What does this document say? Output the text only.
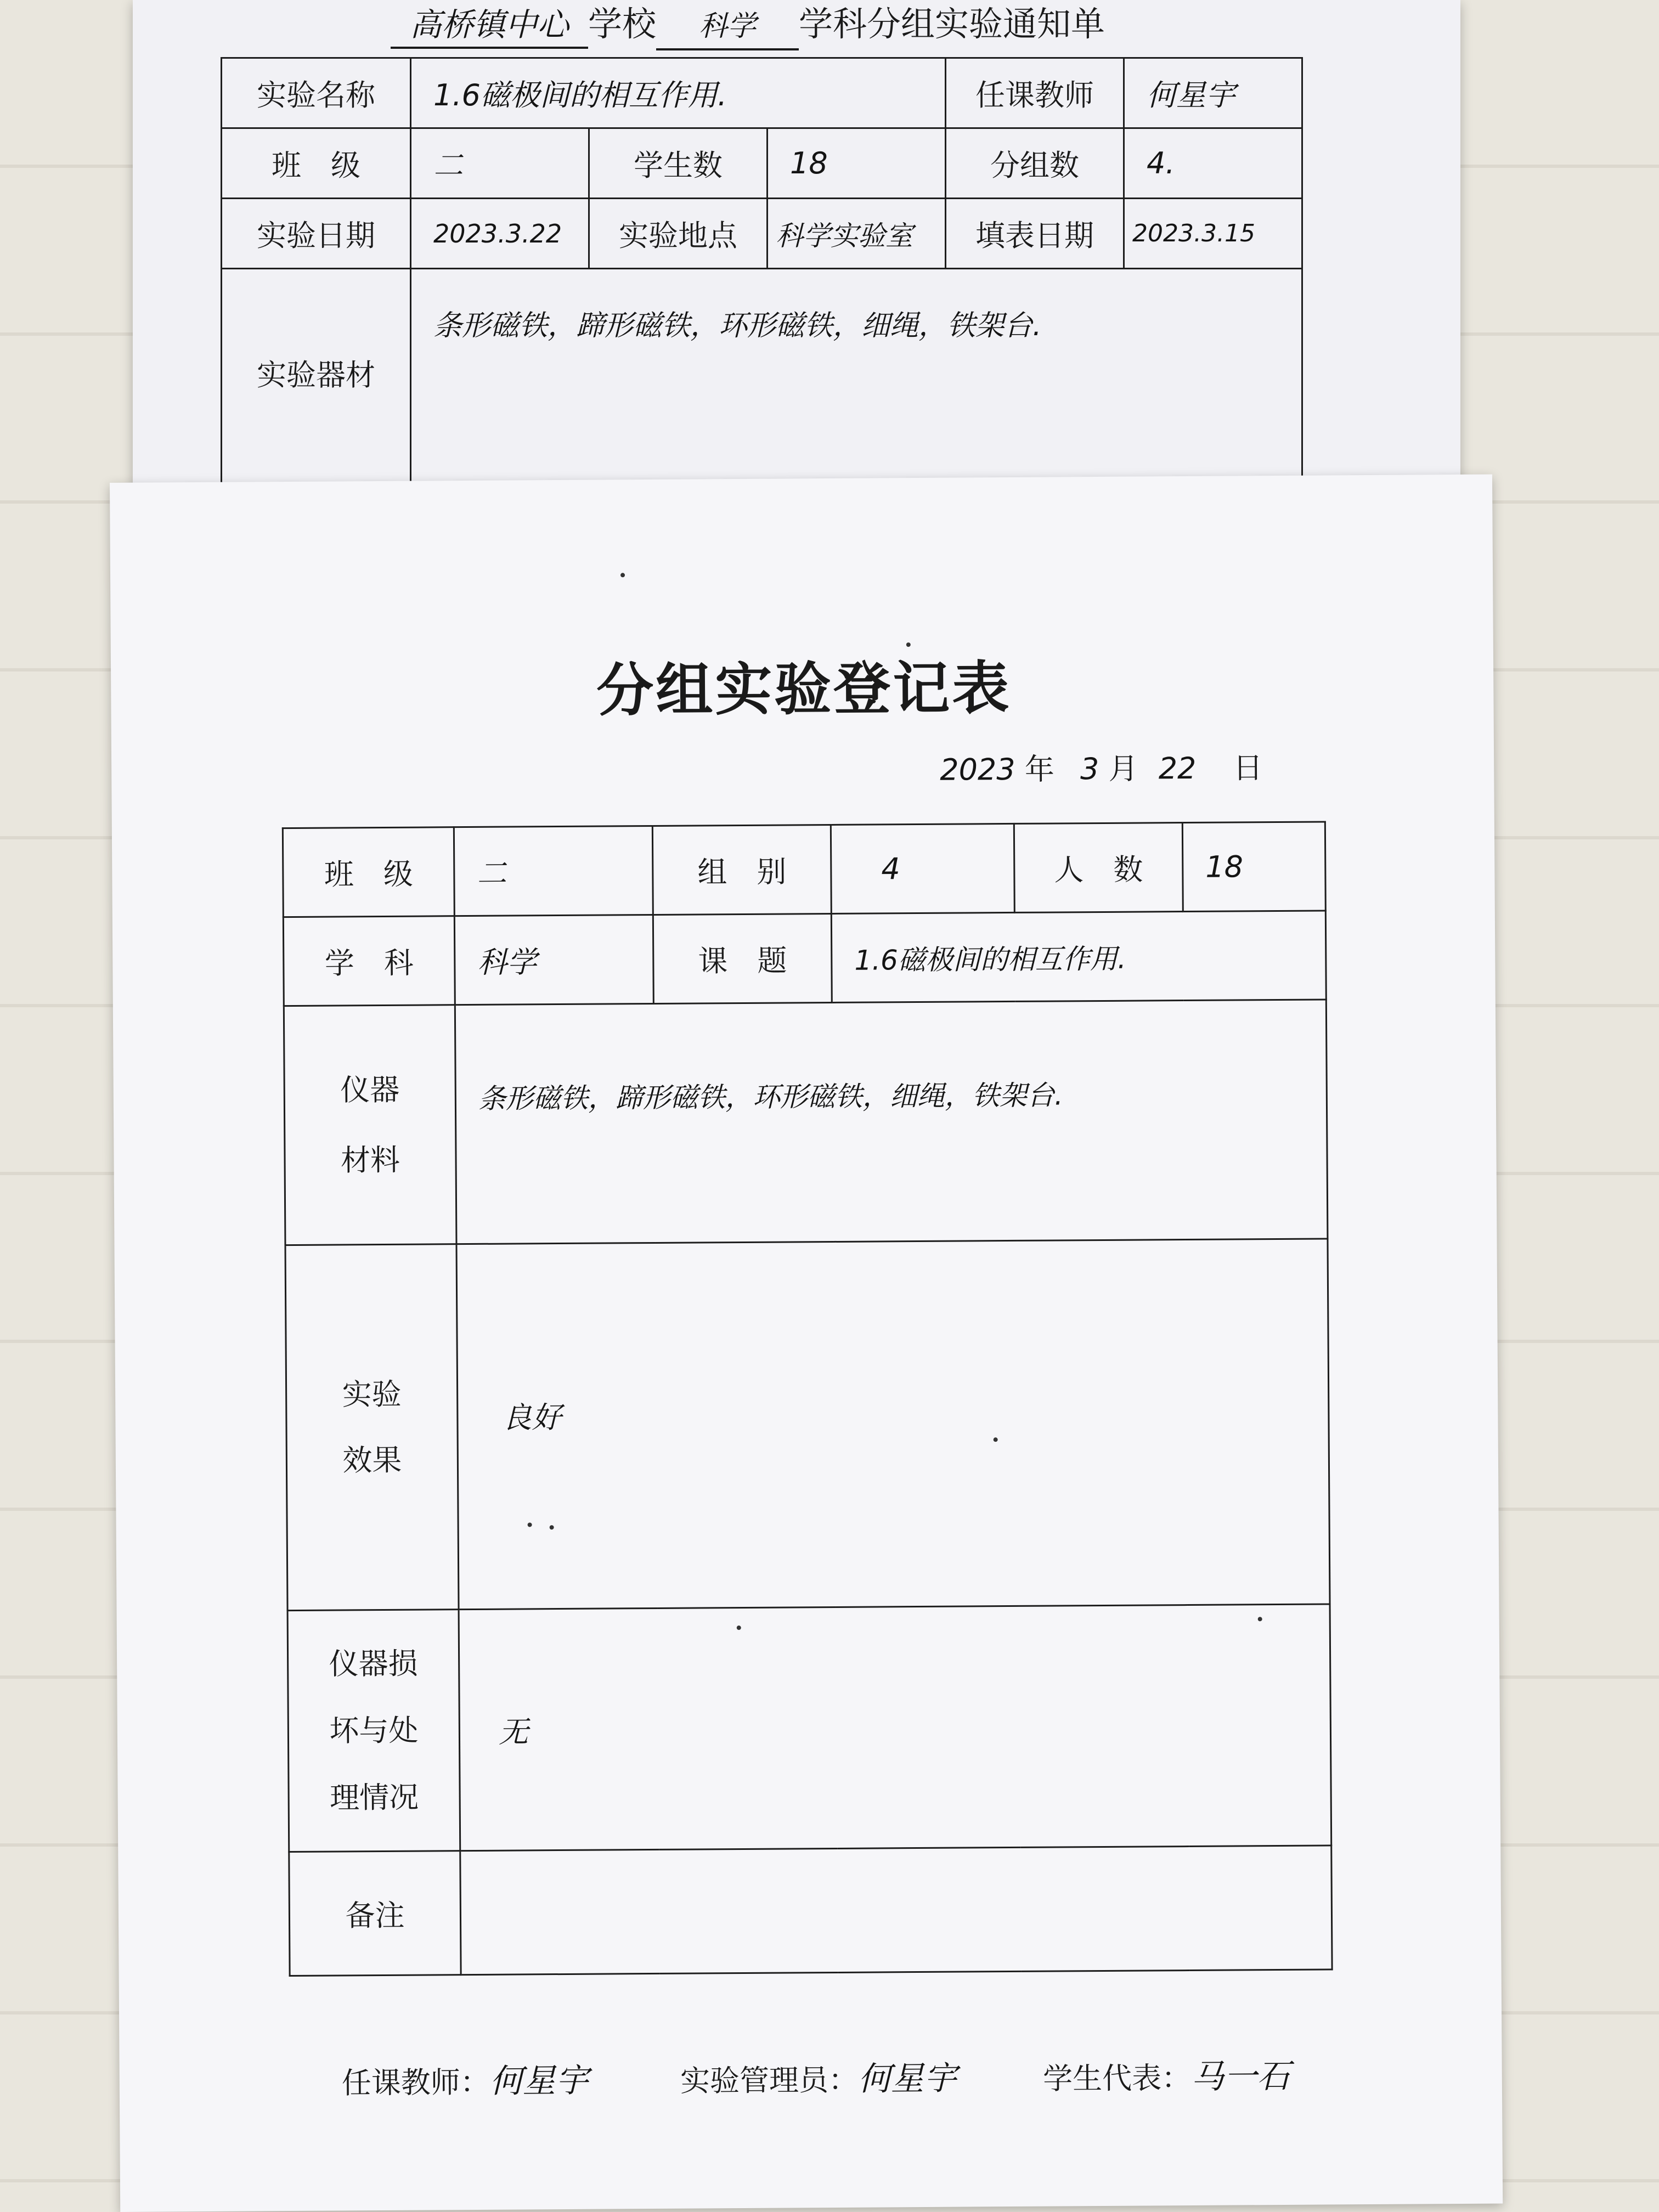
高桥镇中心 学校 科学 学科分组实验通知单
实验名称	1.6磁极间的相互作用.			任课教师	何星宇
班　级	二	学生数	18	分组数	4.
实验日期	2023.3.22	实验地点	科学实验室	填表日期	2023.3.15
实验器材	条形磁铁，蹄形磁铁，环形磁铁，细绳，铁架台.				
分组实验登记表
2023 年 3 月 22 日
班　级	二	组　别	4	人　数	18
学　科	科学	课　题	1.6磁极间的相互作用.		

仪器
材料	条形磁铁，蹄形磁铁，环形磁铁，细绳，铁架台.				

实验
效果	良好				

仪器损
坏与处
理情况	无				
备注					
任课教师：何星宇	实验管理员：何星宇	学生代表：马一石
